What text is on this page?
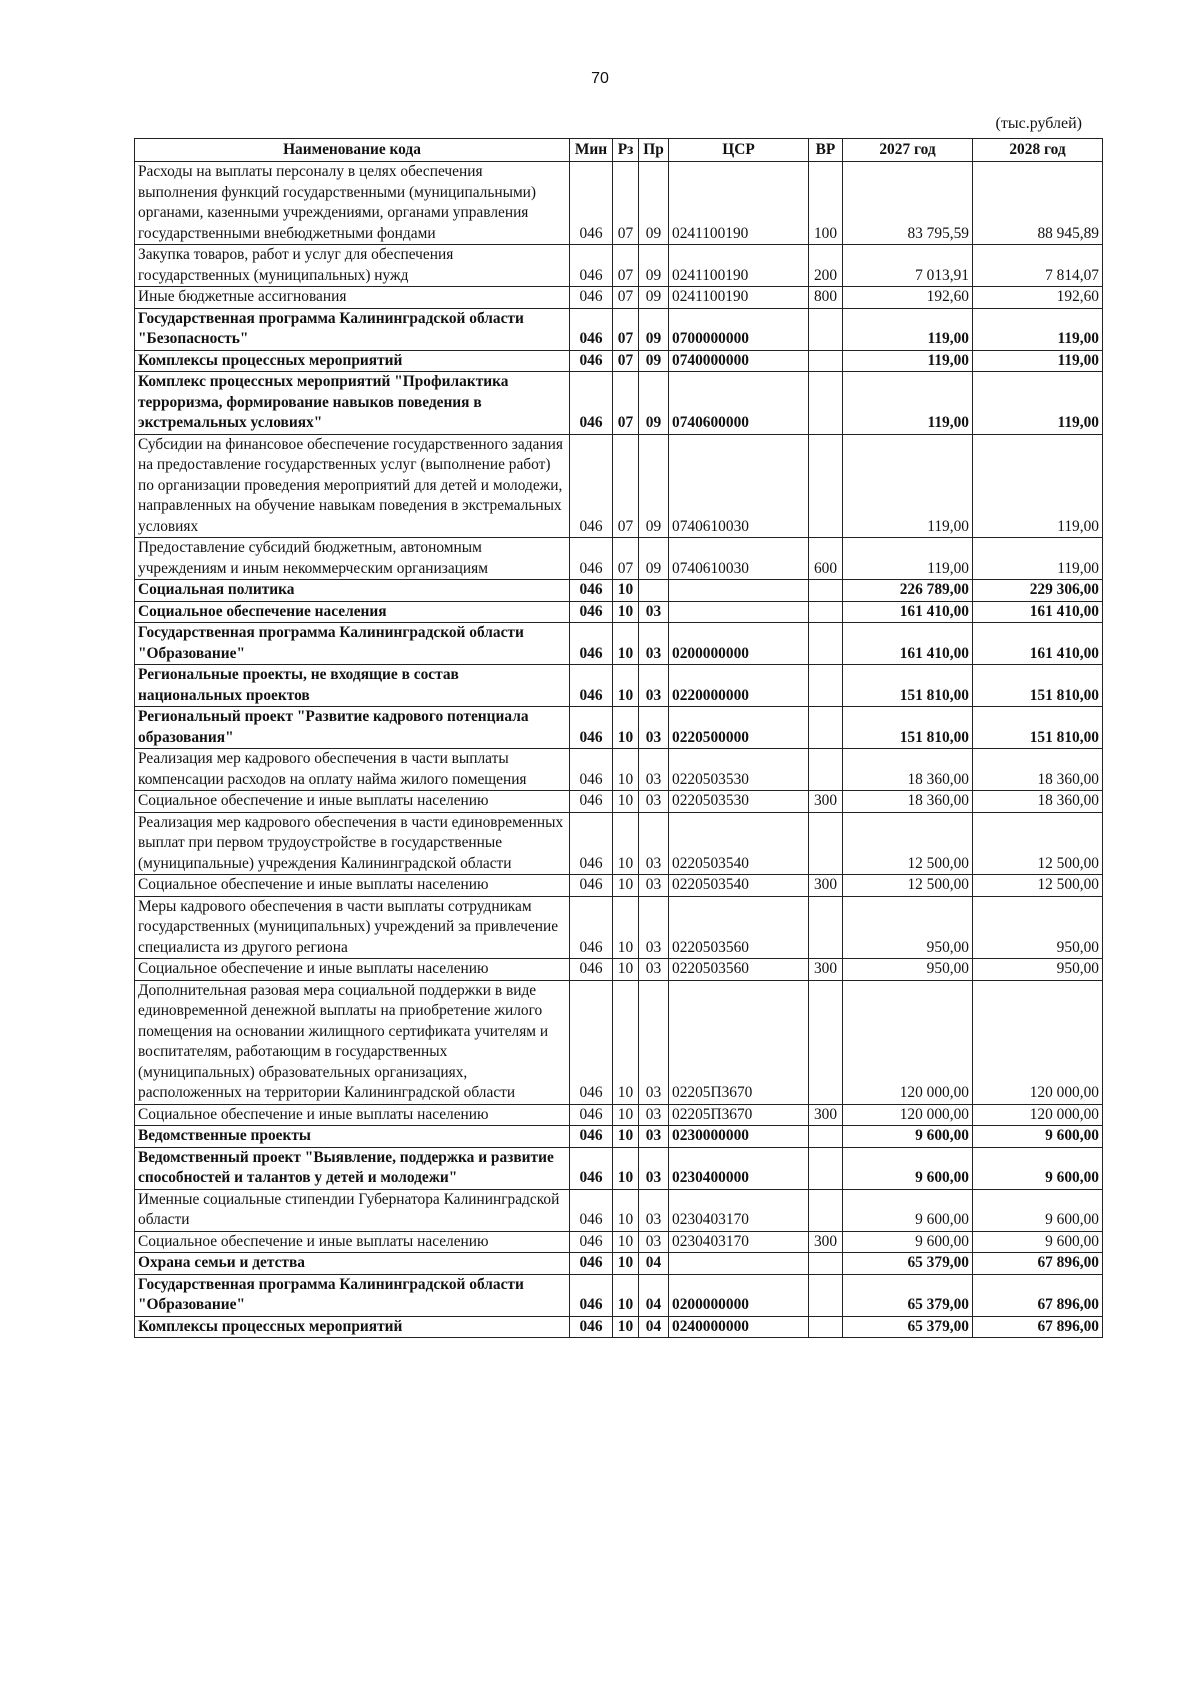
70
(тыс.рублей)
Наименование кода	Мин	Рз	Пр	ЦСР	ВР	2027 год	2028 год
Расходы на выплаты персоналу в целях обеспечения выполнения функций государственными (муниципальными) органами, казенными учреждениями, органами управления государственными внебюджетными фондами	046	07	09	0241100190	100	83 795,59	88 945,89
Закупка товаров, работ и услуг для обеспечения государственных (муниципальных) нужд	046	07	09	0241100190	200	7 013,91	7 814,07
Иные бюджетные ассигнования	046	07	09	0241100190	800	192,60	192,60
Государственная программа Калининградской области "Безопасность"	046	07	09	0700000000		119,00	119,00
Комплексы процессных мероприятий	046	07	09	0740000000		119,00	119,00
Комплекс процессных мероприятий "Профилактика терроризма, формирование навыков поведения в экстремальных условиях"	046	07	09	0740600000		119,00	119,00
Субсидии на финансовое обеспечение государственного задания на предоставление государственных услуг (выполнение работ) по организации проведения мероприятий для детей и молодежи, направленных на обучение навыкам поведения в экстремальных условиях	046	07	09	0740610030		119,00	119,00
Предоставление субсидий бюджетным, автономным учреждениям и иным некоммерческим организациям	046	07	09	0740610030	600	119,00	119,00
Социальная политика	046	10				226 789,00	229 306,00
Социальное обеспечение населения	046	10	03			161 410,00	161 410,00
Государственная программа Калининградской области "Образование"	046	10	03	0200000000		161 410,00	161 410,00
Региональные проекты, не входящие в состав национальных проектов	046	10	03	0220000000		151 810,00	151 810,00
Региональный проект "Развитие кадрового потенциала образования"	046	10	03	0220500000		151 810,00	151 810,00
Реализация мер кадрового обеспечения в части выплаты компенсации расходов на оплату найма жилого помещения	046	10	03	0220503530		18 360,00	18 360,00
Социальное обеспечение и иные выплаты населению	046	10	03	0220503530	300	18 360,00	18 360,00
Реализация мер кадрового обеспечения в части единовременных выплат при первом трудоустройстве в государственные (муниципальные) учреждения Калининградской области	046	10	03	0220503540		12 500,00	12 500,00
Социальное обеспечение и иные выплаты населению	046	10	03	0220503540	300	12 500,00	12 500,00
Меры кадрового обеспечения в части выплаты сотрудникам государственных (муниципальных) учреждений за привлечение специалиста из другого региона	046	10	03	0220503560		950,00	950,00
Социальное обеспечение и иные выплаты населению	046	10	03	0220503560	300	950,00	950,00
Дополнительная разовая мера социальной поддержки в виде единовременной денежной выплаты на приобретение жилого помещения на основании жилищного сертификата учителям и воспитателям, работающим в государственных (муниципальных) образовательных организациях, расположенных на территории Калининградской области	046	10	03	02205П3670		120 000,00	120 000,00
Социальное обеспечение и иные выплаты населению	046	10	03	02205П3670	300	120 000,00	120 000,00
Ведомственные проекты	046	10	03	0230000000		9 600,00	9 600,00
Ведомственный проект "Выявление, поддержка и развитие способностей и талантов у детей и молодежи"	046	10	03	0230400000		9 600,00	9 600,00
Именные социальные стипендии Губернатора Калининградской области	046	10	03	0230403170		9 600,00	9 600,00
Социальное обеспечение и иные выплаты населению	046	10	03	0230403170	300	9 600,00	9 600,00
Охрана семьи и детства	046	10	04			65 379,00	67 896,00
Государственная программа Калининградской области "Образование"	046	10	04	0200000000		65 379,00	67 896,00
Комплексы процессных мероприятий	046	10	04	0240000000		65 379,00	67 896,00
